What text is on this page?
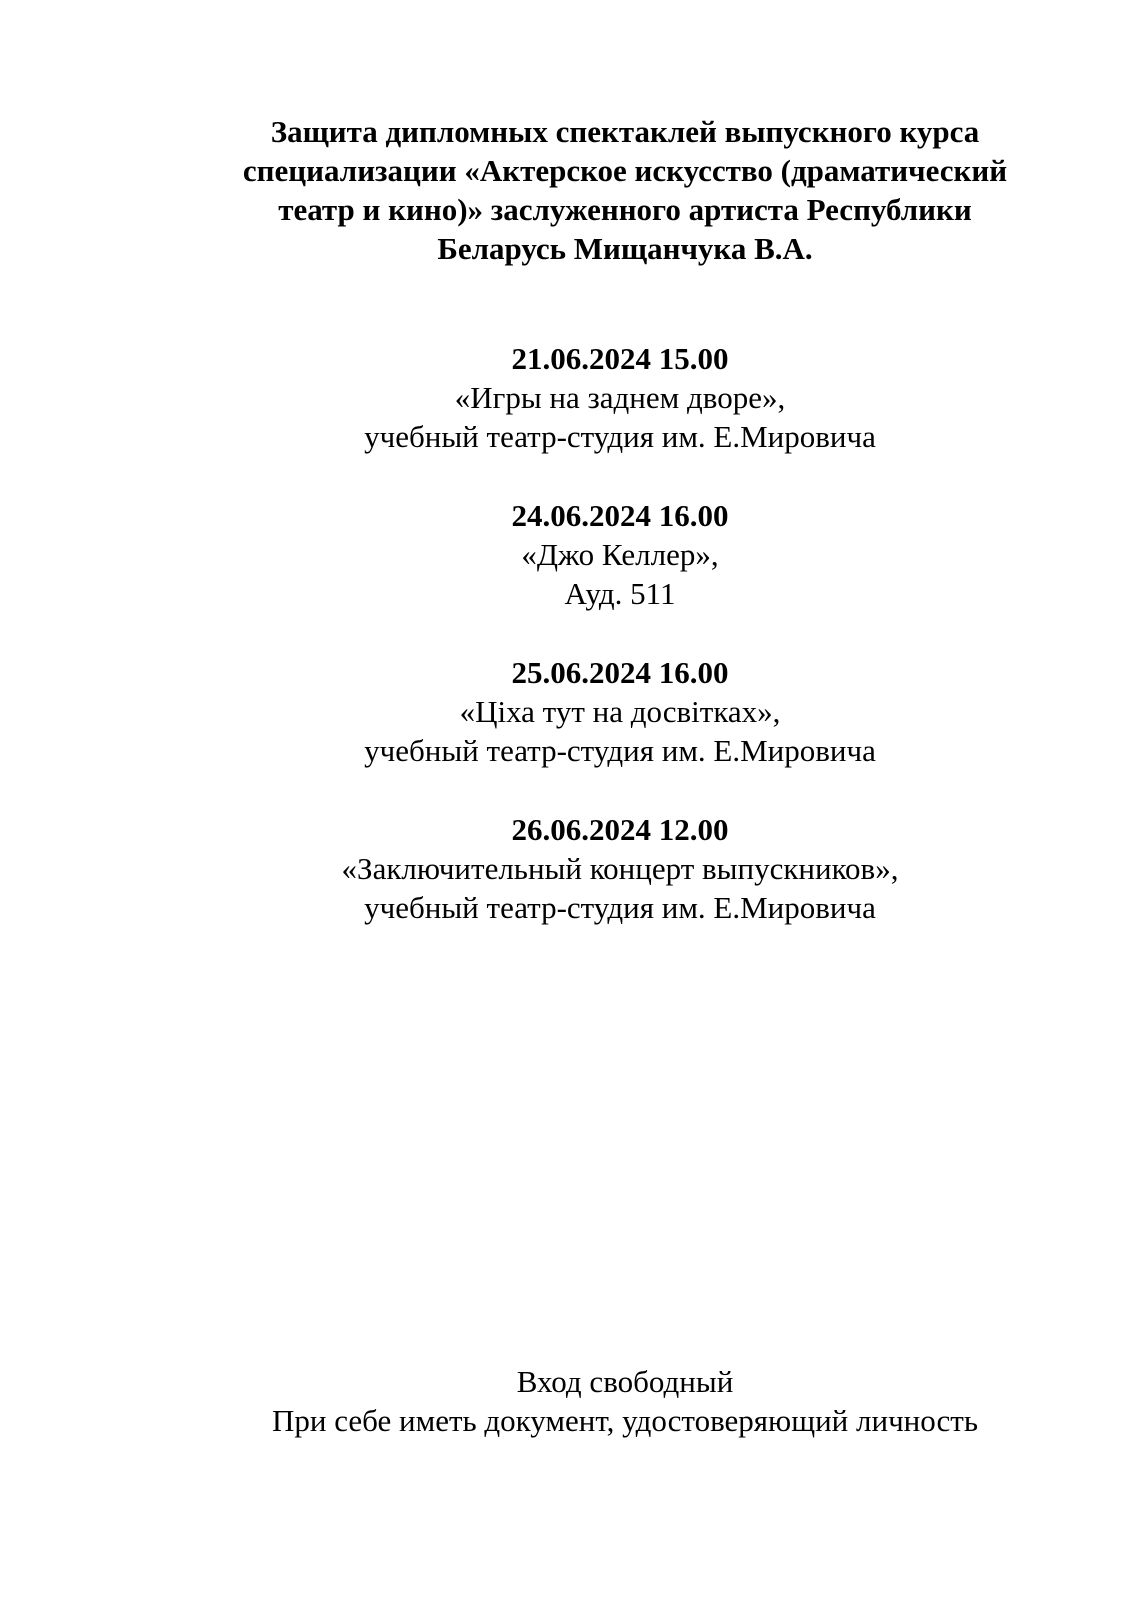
Защита дипломных спектаклей выпускного курса
специализации «Актерское искусство (драматический
театр и кино)» заслуженного артиста Республики
Беларусь Мищанчука В.А.
21.06.2024 15.00
«Игры на заднем дворе»,
учебный театр-студия им. Е.Мировича
24.06.2024 16.00
«Джо Келлер»,
Ауд. 511
25.06.2024 16.00
«Ціха тут на досвітках»,
учебный театр-студия им. Е.Мировича
26.06.2024 12.00
«Заключительный концерт выпускников»,
учебный театр-студия им. Е.Мировича
Вход свободный
При себе иметь документ, удостоверяющий личность
